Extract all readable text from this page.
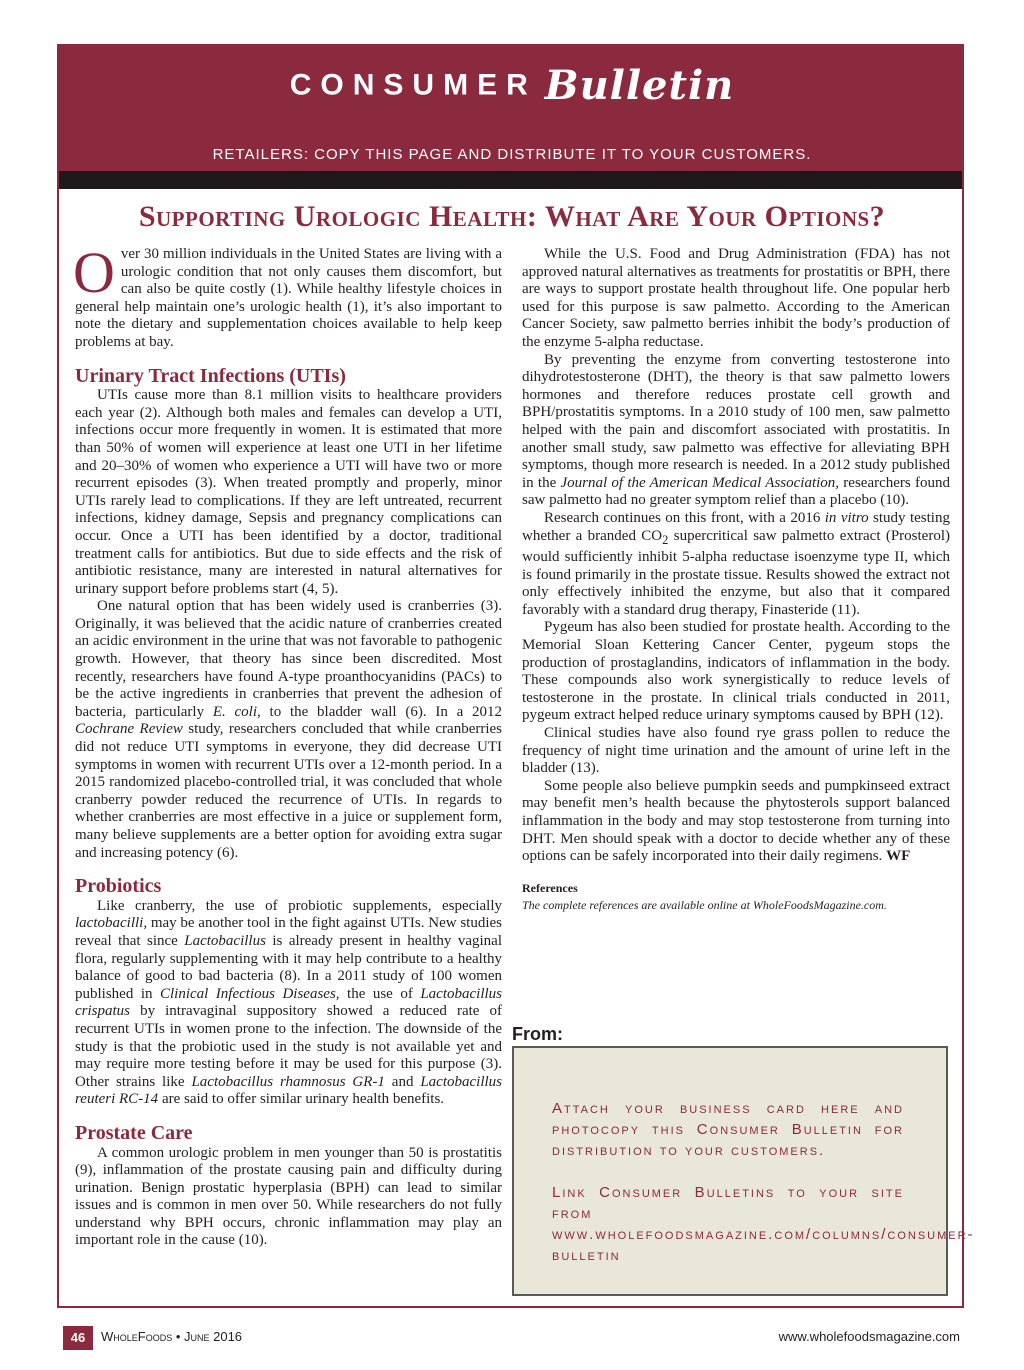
CONSUMER Bulletin
RETAILERS: COPY THIS PAGE AND DISTRIBUTE IT TO YOUR CUSTOMERS.
Supporting Urologic Health: What Are Your Options?

Over 30 million individuals in the United States are living with a urologic condition that not only causes them discomfort, but can also be quite costly (1). While healthy lifestyle choices in general help maintain one’s urologic health (1), it’s also important to note the dietary and supplementation choices available to help keep problems at bay.

Urinary Tract Infections (UTIs)

UTIs cause more than 8.1 million visits to healthcare providers each year (2). Although both males and females can develop a UTI, infections occur more frequently in women. It is estimated that more than 50% of women will experience at least one UTI in her lifetime and 20–30% of women who experience a UTI will have two or more recurrent episodes (3). When treated promptly and properly, minor UTIs rarely lead to complications. If they are left untreated, recurrent infections, kidney damage, Sepsis and pregnancy complications can occur. Once a UTI has been identified by a doctor, traditional treatment calls for antibiotics. But due to side effects and the risk of antibiotic resistance, many are interested in natural alternatives for urinary support before problems start (4, 5).

One natural option that has been widely used is cranberries (3). Originally, it was believed that the acidic nature of cranberries created an acidic environment in the urine that was not favorable to pathogenic growth. However, that theory has since been discredited. Most recently, researchers have found A-type proanthocyanidins (PACs) to be the active ingredients in cranberries that prevent the adhesion of bacteria, particularly E. coli, to the bladder wall (6). In a 2012 Cochrane Review study, researchers concluded that while cranberries did not reduce UTI symptoms in everyone, they did decrease UTI symptoms in women with recurrent UTIs over a 12-month period. In a 2015 randomized placebo-controlled trial, it was concluded that whole cranberry powder reduced the recurrence of UTIs. In regards to whether cranberries are most effective in a juice or supplement form, many believe supplements are a better option for avoiding extra sugar and increasing potency (6).

Probiotics

Like cranberry, the use of probiotic supplements, especially lactobacilli, may be another tool in the fight against UTIs. New studies reveal that since Lactobacillus is already present in healthy vaginal flora, regularly supplementing with it may help contribute to a healthy balance of good to bad bacteria (8). In a 2011 study of 100 women published in Clinical Infectious Diseases, the use of Lactobacillus crispatus by intravaginal suppository showed a reduced rate of recurrent UTIs in women prone to the infection. The downside of the study is that the probiotic used in the study is not available yet and may require more testing before it may be used for this purpose (3). Other strains like Lactobacillus rhamnosus GR-1 and Lactobacillus reuteri RC-14 are said to offer similar urinary health benefits.

Prostate Care

A common urologic problem in men younger than 50 is prostatitis (9), inflammation of the prostate causing pain and difficulty during urination. Benign prostatic hyperplasia (BPH) can lead to similar issues and is common in men over 50. While researchers do not fully understand why BPH occurs, chronic inflammation may play an important role in the cause (10).

While the U.S. Food and Drug Administration (FDA) has not approved natural alternatives as treatments for prostatitis or BPH, there are ways to support prostate health throughout life. One popular herb used for this purpose is saw palmetto. According to the American Cancer Society, saw palmetto berries inhibit the body’s production of the enzyme 5-alpha reductase.

By preventing the enzyme from converting testosterone into dihydrotestosterone (DHT), the theory is that saw palmetto lowers hormones and therefore reduces prostate cell growth and BPH/prostatitis symptoms. In a 2010 study of 100 men, saw palmetto helped with the pain and discomfort associated with prostatitis. In another small study, saw palmetto was effective for alleviating BPH symptoms, though more research is needed. In a 2012 study published in the Journal of the American Medical Association, researchers found saw palmetto had no greater symptom relief than a placebo (10).

Research continues on this front, with a 2016 in vitro study testing whether a branded $CO_2$ supercritical saw palmetto extract (Prosterol) would sufficiently inhibit 5-alpha reductase isoenzyme type II, which is found primarily in the prostate tissue. Results showed the extract not only effectively inhibited the enzyme, but also that it compared favorably with a standard drug therapy, Finasteride (11).

Pygeum has also been studied for prostate health. According to the Memorial Sloan Kettering Cancer Center, pygeum stops the production of prostaglandins, indicators of inflammation in the body. These compounds also work synergistically to reduce levels of testosterone in the prostate. In clinical trials conducted in 2011, pygeum extract helped reduce urinary symptoms caused by BPH (12).

Clinical studies have also found rye grass pollen to reduce the frequency of night time urination and the amount of urine left in the bladder (13).

Some people also believe pumpkin seeds and pumpkinseed extract may benefit men’s health because the phytosterols support balanced inflammation in the body and may stop testosterone from turning into DHT. Men should speak with a doctor to decide whether any of these options can be safely incorporated into their daily regimens. WF

References
The complete references are available online at WholeFoodsMagazine.com.
From:

Attach your business card here and photocopy this Consumer Bulletin for distribution to your customers.

Link Consumer Bulletins to your site from www.wholefoodsmagazine.com/columns/consumer-bulletin

46	WholeFoods • June 2016	www.wholefoodsmagazine.com
